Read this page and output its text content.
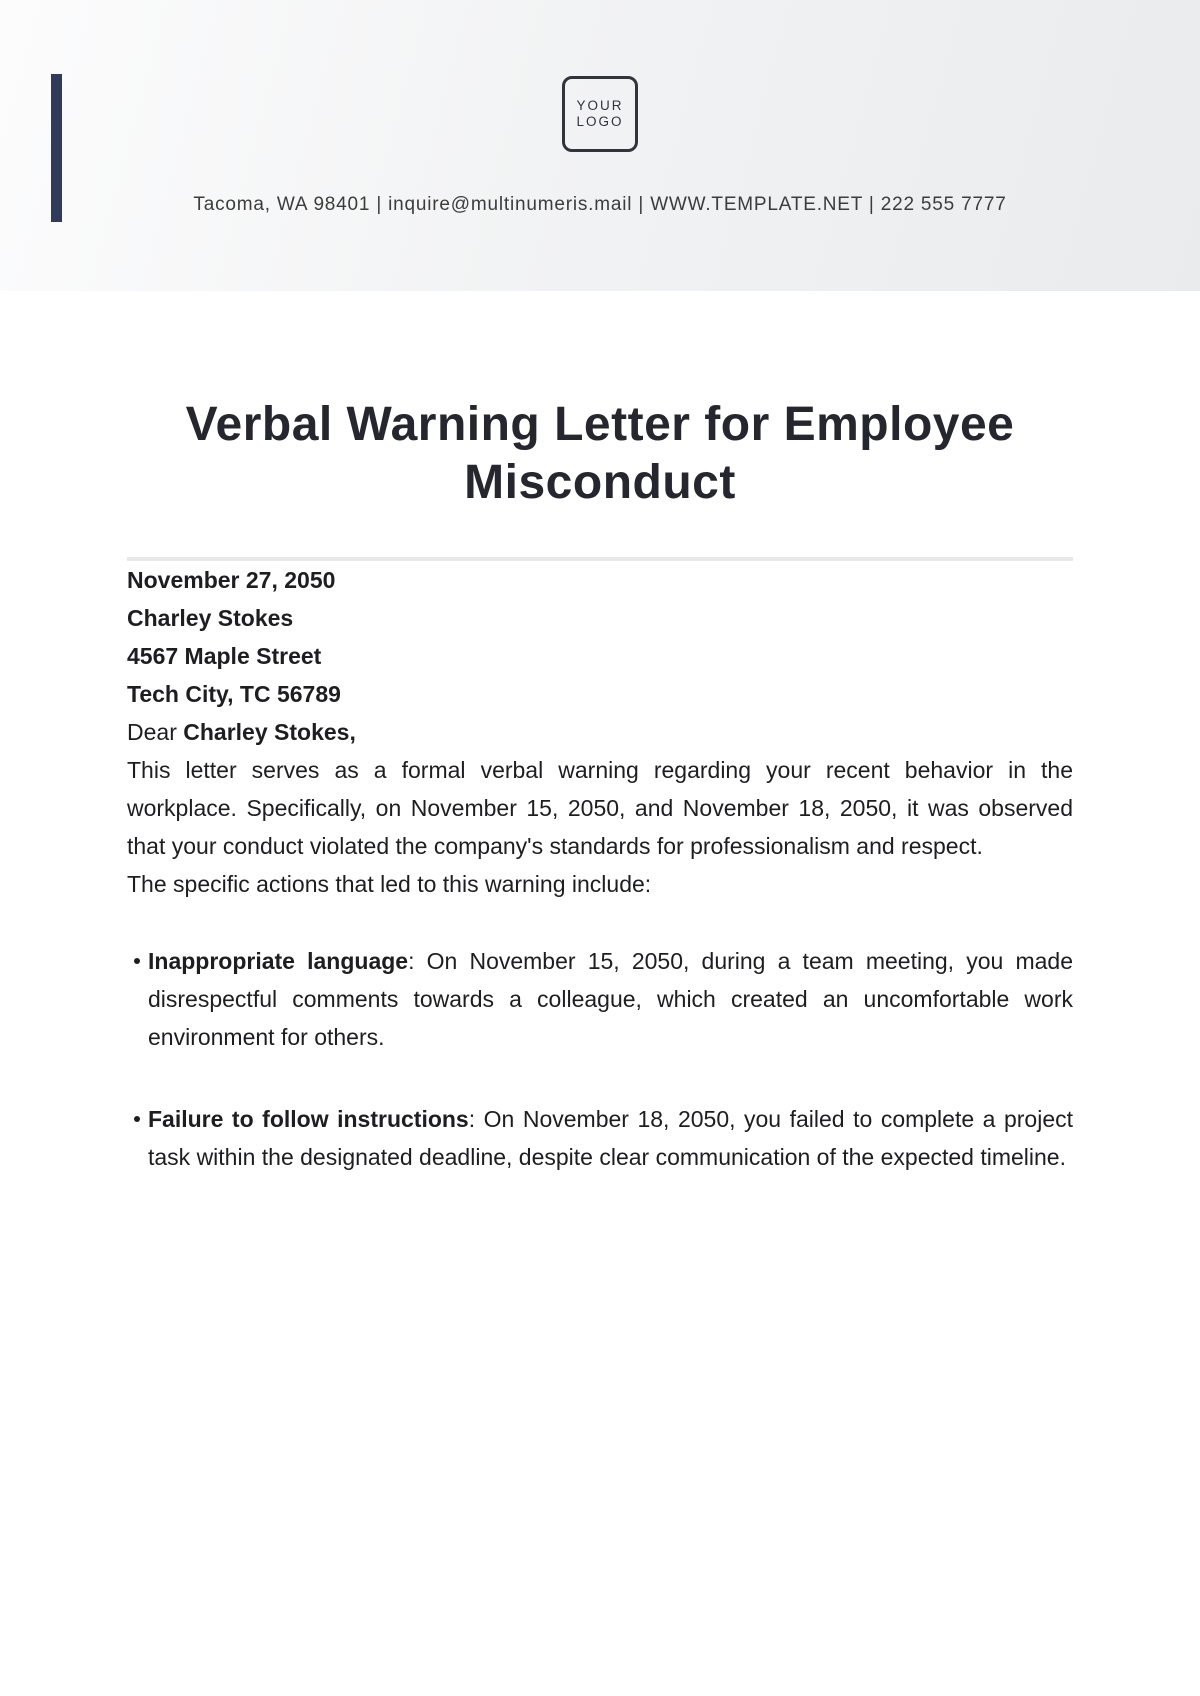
YOUR
LOGO
Tacoma, WA 98401 | inquire@multinumeris.mail | WWW.TEMPLATE.NET | 222 555 7777
Verbal Warning Letter for Employee Misconduct

November 27, 2050

Charley Stokes

4567 Maple Street

Tech City, TC 56789

Dear Charley Stokes,

This letter serves as a formal verbal warning regarding your recent behavior in the workplace. Specifically, on November 15, 2050, and November 18, 2050, it was observed that your conduct violated the company's standards for professionalism and respect.

The specific actions that led to this warning include:

Inappropriate language: On November 15, 2050, during a team meeting, you made disrespectful comments towards a colleague, which created an uncomfortable work environment for others.
Failure to follow instructions: On November 18, 2050, you failed to complete a project task within the designated deadline, despite clear communication of the expected timeline.
